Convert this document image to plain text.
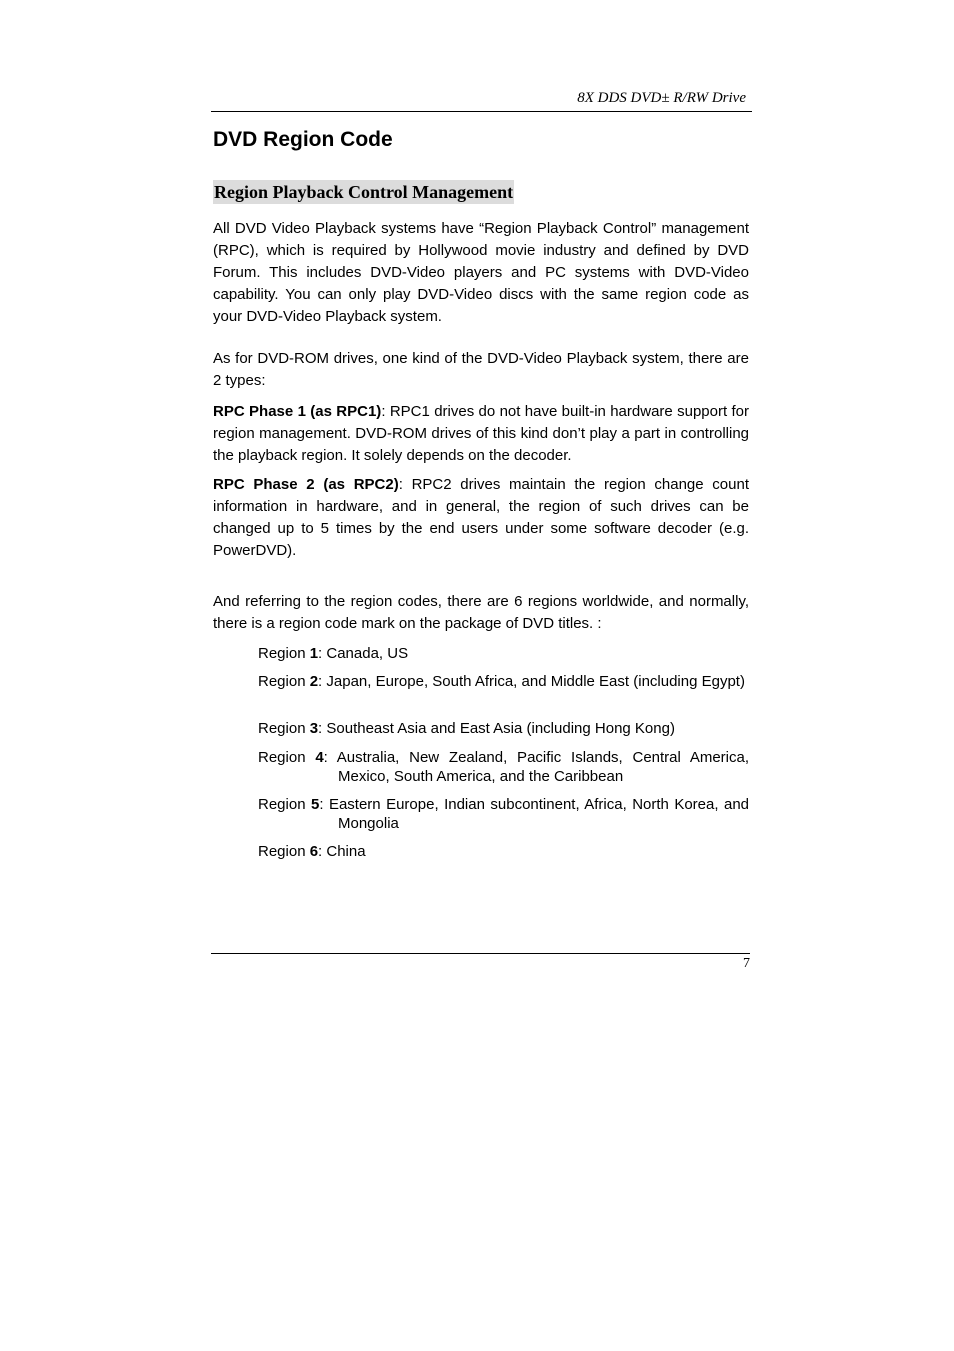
8X DDS DVD± R/RW Drive
DVD Region Code
Region Playback Control Management

All DVD Video Playback systems have “Region Playback Control” management (RPC), which is required by Hollywood movie industry and defined by DVD Forum. This includes DVD-Video players and PC systems with DVD-Video capability. You can only play DVD-Video discs with the same region code as your DVD-Video Playback system.

As for DVD-ROM drives, one kind of the DVD-Video Playback system, there are 2 types:

RPC Phase 1 (as RPC1): RPC1 drives do not have built-in hardware support for region management. DVD-ROM drives of this kind don’t play a part in controlling the playback region. It solely depends on the decoder.

RPC Phase 2 (as RPC2): RPC2 drives maintain the region change count information in hardware, and in general, the region of such drives can be changed up to 5 times by the end users under some software decoder (e.g. PowerDVD).

And referring to the region codes, there are 6 regions worldwide, and normally, there is a region code mark on the package of DVD titles. :

Region 1: Canada, US

Region 2: Japan, Europe, South Africa, and Middle East (including Egypt)

Region 3: Southeast Asia and East Asia (including Hong Kong)

Region 4: Australia, New Zealand, Pacific Islands, Central America, Mexico, South America, and the Caribbean

Region 5: Eastern Europe, Indian subcontinent, Africa, North Korea, and Mongolia

Region 6: China

7
